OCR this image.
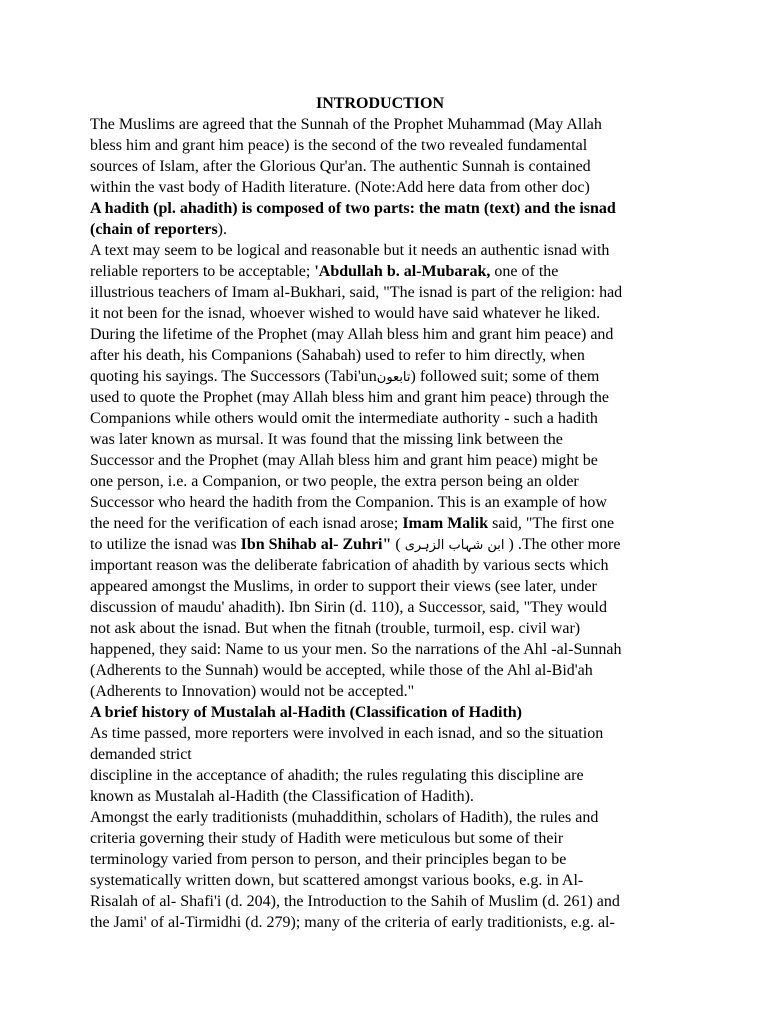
INTRODUCTION
The Muslims are agreed that the Sunnah of the Prophet Muhammad (May Allah
bless him and grant him peace) is the second of the two revealed fundamental
sources of Islam, after the Glorious Qur'an. The authentic Sunnah is contained
within the vast body of Hadith literature. (Note:Add here data from other doc)
A hadith (pl. ahadith) is composed of two parts: the matn (text) and the isnad
(chain of reporters).
A text may seem to be logical and reasonable but it needs an authentic isnad with
reliable reporters to be acceptable; 'Abdullah b. al-Mubarak, one of the
illustrious teachers of Imam al-Bukhari, said, "The isnad is part of the religion: had
it not been for the isnad, whoever wished to would have said whatever he liked.
During the lifetime of the Prophet (may Allah bless him and grant him peace) and
after his death, his Companions (Sahabah) used to refer to him directly, when
quoting his sayings. The Successors (Tabi'unتابعون) followed suit; some of them
used to quote the Prophet (may Allah bless him and grant him peace) through the
Companions while others would omit the intermediate authority - such a hadith
was later known as mursal. It was found that the missing link between the
Successor and the Prophet (may Allah bless him and grant him peace) might be
one person, i.e. a Companion, or two people, the extra person being an older
Successor who heard the hadith from the Companion. This is an example of how
the need for the verification of each isnad arose; Imam Malik said, "The first one
to utilize the isnad was Ibn Shihab al- Zuhri" ( ابن شہاب الزہری ) .The other more
important reason was the deliberate fabrication of ahadith by various sects which
appeared amongst the Muslims, in order to support their views (see later, under
discussion of maudu' ahadith). Ibn Sirin (d. 110), a Successor, said, "They would
not ask about the isnad. But when the fitnah (trouble, turmoil, esp. civil war)
happened, they said: Name to us your men. So the narrations of the Ahl -al-Sunnah
(Adherents to the Sunnah) would be accepted, while those of the Ahl al-Bid'ah
(Adherents to Innovation) would not be accepted."
A brief history of Mustalah al-Hadith (Classification of Hadith)
As time passed, more reporters were involved in each isnad, and so the situation
demanded strict
discipline in the acceptance of ahadith; the rules regulating this discipline are
known as Mustalah al-Hadith (the Classification of Hadith).
Amongst the early traditionists (muhaddithin, scholars of Hadith), the rules and
criteria governing their study of Hadith were meticulous but some of their
terminology varied from person to person, and their principles began to be
systematically written down, but scattered amongst various books, e.g. in Al-
Risalah of al- Shafi'i (d. 204), the Introduction to the Sahih of Muslim (d. 261) and
the Jami' of al-Tirmidhi (d. 279); many of the criteria of early traditionists, e.g. al-
